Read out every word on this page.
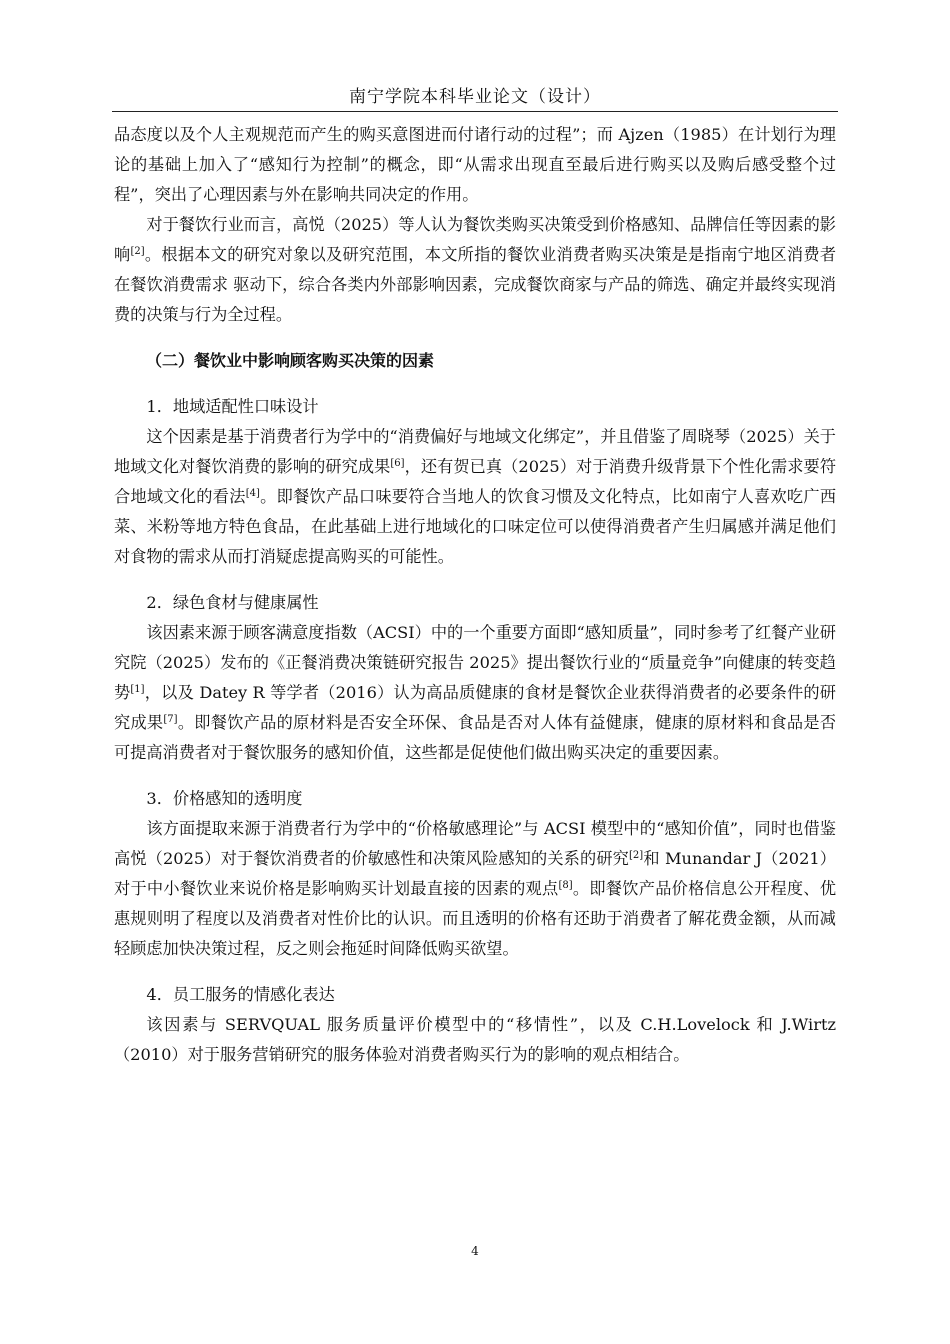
南宁学院本科毕业论文（设计）

品态度以及个人主观规范而产生的购买意图进而付诸行动的过程”；而 Ajzen（1985）在计划行为理论的基础上加入了“感知行为控制”的概念，即“从需求出现直至最后进行购买以及购后感受整个过程”，突出了心理因素与外在影响共同决定的作用。

对于餐饮行业而言，高悦（2025）等人认为餐饮类购买决策受到价格感知、品牌信任等因素的影响[2]。根据本文的研究对象以及研究范围，本文所指的餐饮业消费者购买决策是是指南宁地区消费者在餐饮消费需求 驱动下，综合各类内外部影响因素，完成餐饮商家与产品的筛选、确定并最终实现消费的决策与行为全过程。

（二）餐饮业中影响顾客购买决策的因素

1．地域适配性口味设计

这个因素是基于消费者行为学中的“消费偏好与地域文化绑定”，并且借鉴了周晓琴（2025）关于地域文化对餐饮消费的影响的研究成果[6]，还有贺已真（2025）对于消费升级背景下个性化需求要符合地域文化的看法[4]。即餐饮产品口味要符合当地人的饮食习惯及文化特点，比如南宁人喜欢吃广西菜、米粉等地方特色食品，在此基础上进行地域化的口味定位可以使得消费者产生归属感并满足他们对食物的需求从而打消疑虑提高购买的可能性。

2．绿色食材与健康属性

该因素来源于顾客满意度指数（ACSI）中的一个重要方面即“感知质量”，同时参考了红餐产业研究院（2025）发布的《正餐消费决策链研究报告 2025》提出餐饮行业的“质量竞争”向健康的转变趋势[1]，以及 Datey R 等学者（2016）认为高品质健康的食材是餐饮企业获得消费者的必要条件的研究成果[7]。即餐饮产品的原材料是否安全环保、食品是否对人体有益健康，健康的原材料和食品是否可提高消费者对于餐饮服务的感知价值，这些都是促使他们做出购买决定的重要因素。

3．价格感知的透明度

该方面提取来源于消费者行为学中的“价格敏感理论”与 ACSI 模型中的“感知价值”，同时也借鉴高悦（2025）对于餐饮消费者的价敏感性和决策风险感知的关系的研究[2]和 Munandar J（2021）对于中小餐饮业来说价格是影响购买计划最直接的因素的观点[8]。即餐饮产品价格信息公开程度、优惠规则明了程度以及消费者对性价比的认识。而且透明的价格有还助于消费者了解花费金额，从而减轻顾虑加快决策过程，反之则会拖延时间降低购买欲望。

4．员工服务的情感化表达

该因素与 SERVQUAL 服务质量评价模型中的“移情性”，以及 C.H.Lovelock 和 J.Wirtz（2010）对于服务营销研究的服务体验对消费者购买行为的影响的观点相结合。

4
